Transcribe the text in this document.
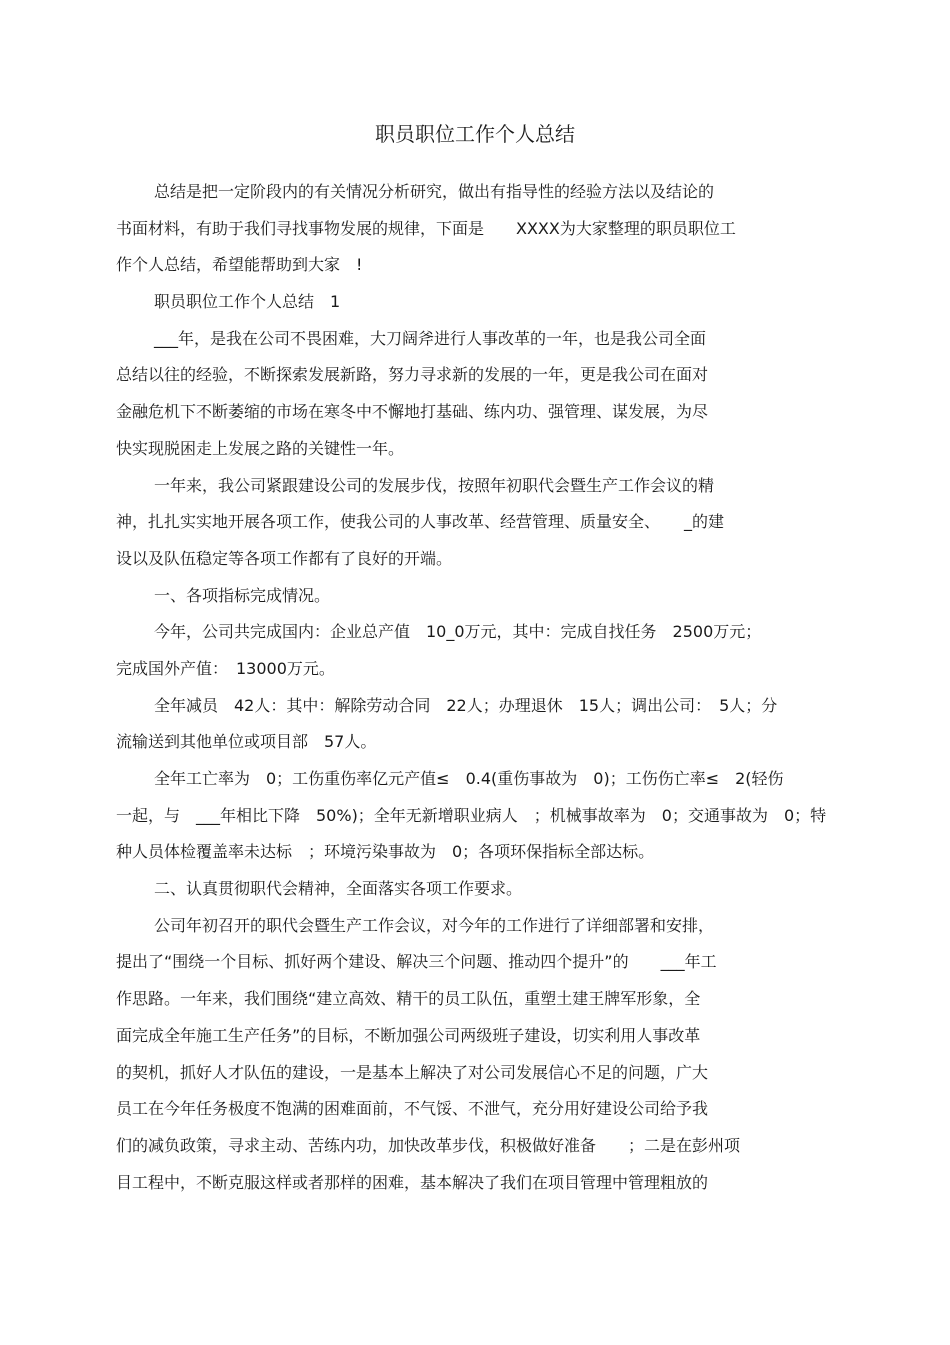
职员职位工作个人总结
总结是把一定阶段内的有关情况分析研究，做出有指导性的经验方法以及结论的
书面材料，有助于我们寻找事物发展的规律，下面是　　XXXX为大家整理的职员职位工
作个人总结，希望能帮助到大家　!
职员职位工作个人总结　1
___年，是我在公司不畏困难，大刀阔斧进行人事改革的一年，也是我公司全面
总结以往的经验，不断探索发展新路，努力寻求新的发展的一年，更是我公司在面对
金融危机下不断萎缩的市场在寒冬中不懈地打基础、练内功、强管理、谋发展，为尽
快实现脱困走上发展之路的关键性一年。
一年来，我公司紧跟建设公司的发展步伐，按照年初职代会暨生产工作会议的精
神，扎扎实实地开展各项工作，使我公司的人事改革、经营管理、质量安全、　　_的建
设以及队伍稳定等各项工作都有了良好的开端。
一、各项指标完成情况。
今年，公司共完成国内：企业总产值　10_0万元，其中：完成自找任务　2500万元；
完成国外产值：　13000万元。
全年减员　42人：其中：解除劳动合同　22人；办理退休　15人；调出公司：　5人；分
流输送到其他单位或项目部　57人。
全年工亡率为　0；工伤重伤率亿元产值≤　0.4(重伤事故为　0)；工伤伤亡率≤　2(轻伤
一起，与　___年相比下降　50%)；全年无新增职业病人　；机械事故率为　0；交通事故为　0；特
种人员体检覆盖率未达标　；环境污染事故为　0；各项环保指标全部达标。
二、认真贯彻职代会精神，全面落实各项工作要求。
公司年初召开的职代会暨生产工作会议，对今年的工作进行了详细部署和安排，
提出了“围绕一个目标、抓好两个建设、解决三个问题、推动四个提升”的　　___年工
作思路。一年来，我们围绕“建立高效、精干的员工队伍，重塑土建王牌军形象，全
面完成全年施工生产任务”的目标，不断加强公司两级班子建设，切实利用人事改革
的契机，抓好人才队伍的建设，一是基本上解决了对公司发展信心不足的问题，广大
员工在今年任务极度不饱满的困难面前，不气馁、不泄气，充分用好建设公司给予我
们的减负政策，寻求主动、苦练内功，加快改革步伐，积极做好准备　　；二是在彭州项
目工程中，不断克服这样或者那样的困难，基本解决了我们在项目管理中管理粗放的
